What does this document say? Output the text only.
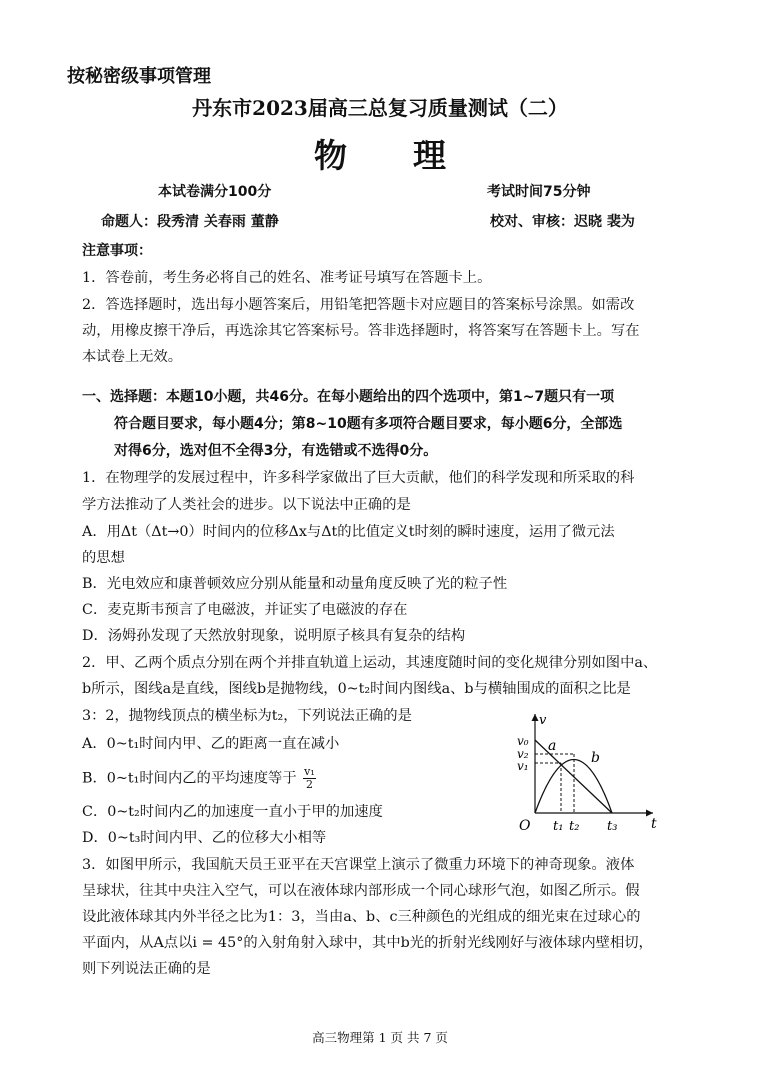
按秘密级事项管理
丹东市2023届高三总复习质量测试（二）
物理
本试卷满分100分	考试时间75分钟
命题人：段秀清 关春雨 董静	校对、审核：迟晓 裴为
注意事项：
1．答卷前，考生务必将自己的姓名、准考证号填写在答题卡上。
2．答选择题时，选出每小题答案后，用铅笔把答题卡对应题目的答案标号涂黑。如需改
动，用橡皮擦干净后，再选涂其它答案标号。答非选择题时，将答案写在答题卡上。写在
本试卷上无效。
一、选择题：本题10小题，共46分。在每小题给出的四个选项中，第1~7题只有一项
符合题目要求，每小题4分；第8~10题有多项符合题目要求，每小题6分，全部选
对得6分，选对但不全得3分，有选错或不选得0分。
1．在物理学的发展过程中，许多科学家做出了巨大贡献，他们的科学发现和所采取的科
学方法推动了人类社会的进步。以下说法中正确的是
A．用Δt（Δt→0）时间内的位移Δx与Δt的比值定义t时刻的瞬时速度，运用了微元法
的思想
B．光电效应和康普顿效应分别从能量和动量角度反映了光的粒子性
C．麦克斯韦预言了电磁波，并证实了电磁波的存在
D．汤姆孙发现了天然放射现象，说明原子核具有复杂的结构
2．甲、乙两个质点分别在两个并排直轨道上运动，其速度随时间的变化规律分别如图中a、
b所示，图线a是直线，图线b是抛物线，0~t₂时间内图线a、b与横轴围成的面积之比是
3：2，抛物线顶点的横坐标为t₂，下列说法正确的是
A．0~t₁时间内甲、乙的距离一直在减小
B．0~t₁时间内乙的平均速度等于 $\frac{\text{v₁}}{2}$
C．0~t₂时间内乙的加速度一直小于甲的加速度
D．0~t₃时间内甲、乙的位移大小相等
v
v₀
v₂
v₁
a
b
O t₁ t₂ t₃ t
3．如图甲所示，我国航天员王亚平在天宫课堂上演示了微重力环境下的神奇现象。液体
呈球状，往其中央注入空气，可以在液体球内部形成一个同心球形气泡，如图乙所示。假
设此液体球其内外半径之比为1：3，当由a、b、c三种颜色的光组成的细光束在过球心的
平面内，从A点以i = 45°的入射角射入球中，其中b光的折射光线刚好与液体球内壁相切，
则下列说法正确的是
高三物理第 1 页 共 7 页
